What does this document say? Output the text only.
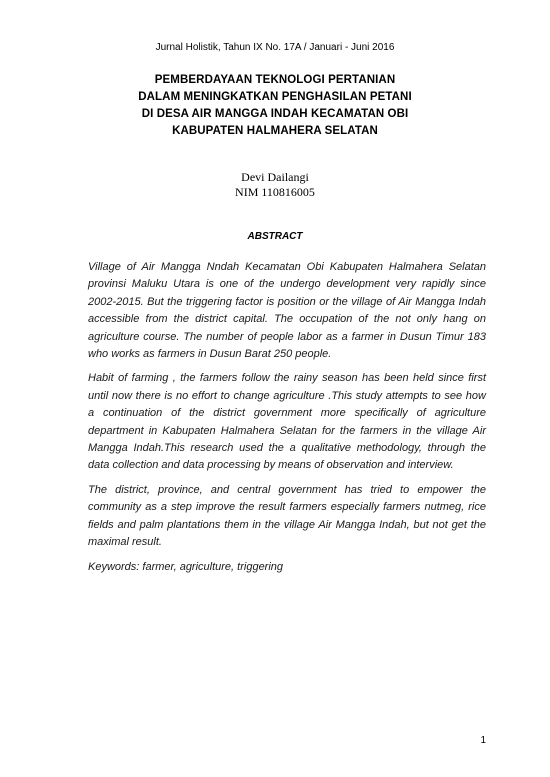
Jurnal Holistik, Tahun IX No. 17A / Januari - Juni 2016
PEMBERDAYAAN TEKNOLOGI PERTANIAN
DALAM MENINGKATKAN PENGHASILAN PETANI
DI DESA AIR MANGGA INDAH KECAMATAN OBI
KABUPATEN HALMAHERA SELATAN
Devi Dailangi
NIM 110816005
ABSTRACT

Village of Air Mangga Nndah Kecamatan Obi Kabupaten Halmahera Selatan provinsi Maluku Utara is one of the undergo development very rapidly since 2002-2015. But the triggering factor is position or the village of Air Mangga Indah accessible from the district capital. The occupation of the not only hang on agriculture course. The number of people labor as a farmer in Dusun Timur 183 who works as farmers in Dusun Barat 250 people.

Habit of farming , the farmers follow the rainy season has been held since first until now there is no effort to change agriculture .This study attempts to see how a continuation of the district government more specifically of agriculture department in Kabupaten Halmahera Selatan for the farmers in the village Air Mangga Indah.This research used the a qualitative methodology, through the data collection and data processing by means of observation and interview.

The district, province, and central government has tried to empower the community as a step improve the result farmers especially farmers nutmeg, rice fields and palm plantations them in the village Air Mangga Indah, but not get the maximal result.

Keywords: farmer, agriculture, triggering

1
